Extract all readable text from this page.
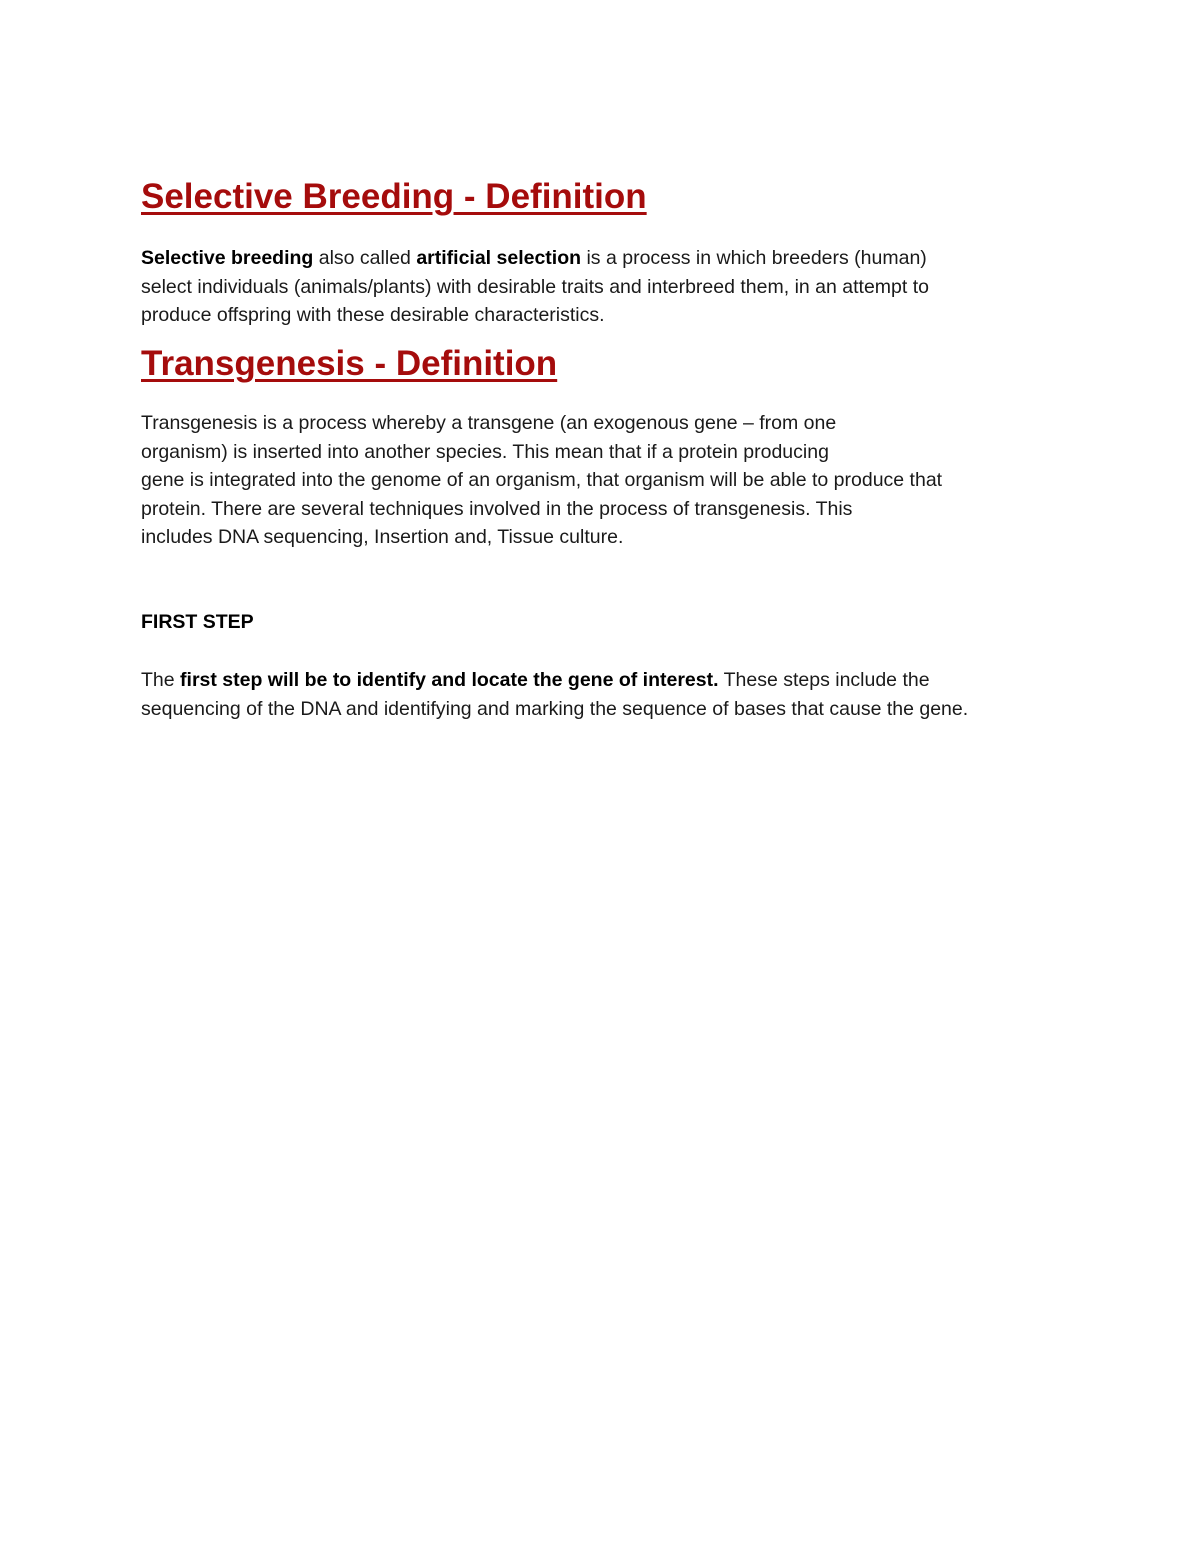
Selective Breeding - Definition

Selective breeding also called artificial selection is a process in which breeders (human)
select individuals (animals/plants) with desirable traits and interbreed them, in an attempt to
produce offspring with these desirable characteristics.

Transgenesis - Definition

Transgenesis is a process whereby a transgene (an exogenous gene – from one
organism) is inserted into another species. This mean that if a protein producing
gene is integrated into the genome of an organism, that organism will be able to produce that
protein. There are several techniques involved in the process of transgenesis. This
includes DNA sequencing, Insertion and, Tissue culture.

FIRST STEP

The first step will be to identify and locate the gene of interest. These steps include the
sequencing of the DNA and identifying and marking the sequence of bases that cause the gene.
